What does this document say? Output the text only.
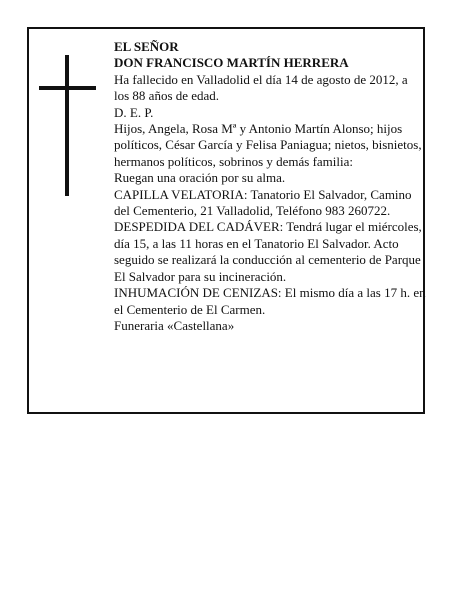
EL SEÑOR

DON FRANCISCO MARTÍN HERRERA

Ha fallecido en Valladolid el día 14 de agosto de 2012, a los 88 años de edad.

D. E. P.

Hijos, Angela, Rosa Mª y Antonio Martín Alonso; hijos políticos, César García y Felisa Paniagua; nietos, bisnietos, hermanos políticos, sobrinos y demás familia:

Ruegan una oración por su alma.

CAPILLA VELATORIA: Tanatorio El Salvador, Camino del Cementerio, 21 Valladolid, Teléfono 983 260722.

DESPEDIDA DEL CADÁVER: Tendrá lugar el miércoles, día 15, a las 11 horas en el Tanatorio El Salvador. Acto seguido se realizará la conducción al cementerio de Parque El Salvador para su incineración.

INHUMACIÓN DE CENIZAS: El mismo día a las 17 h. en el Cementerio de El Carmen.

Funeraria «Castellana»
